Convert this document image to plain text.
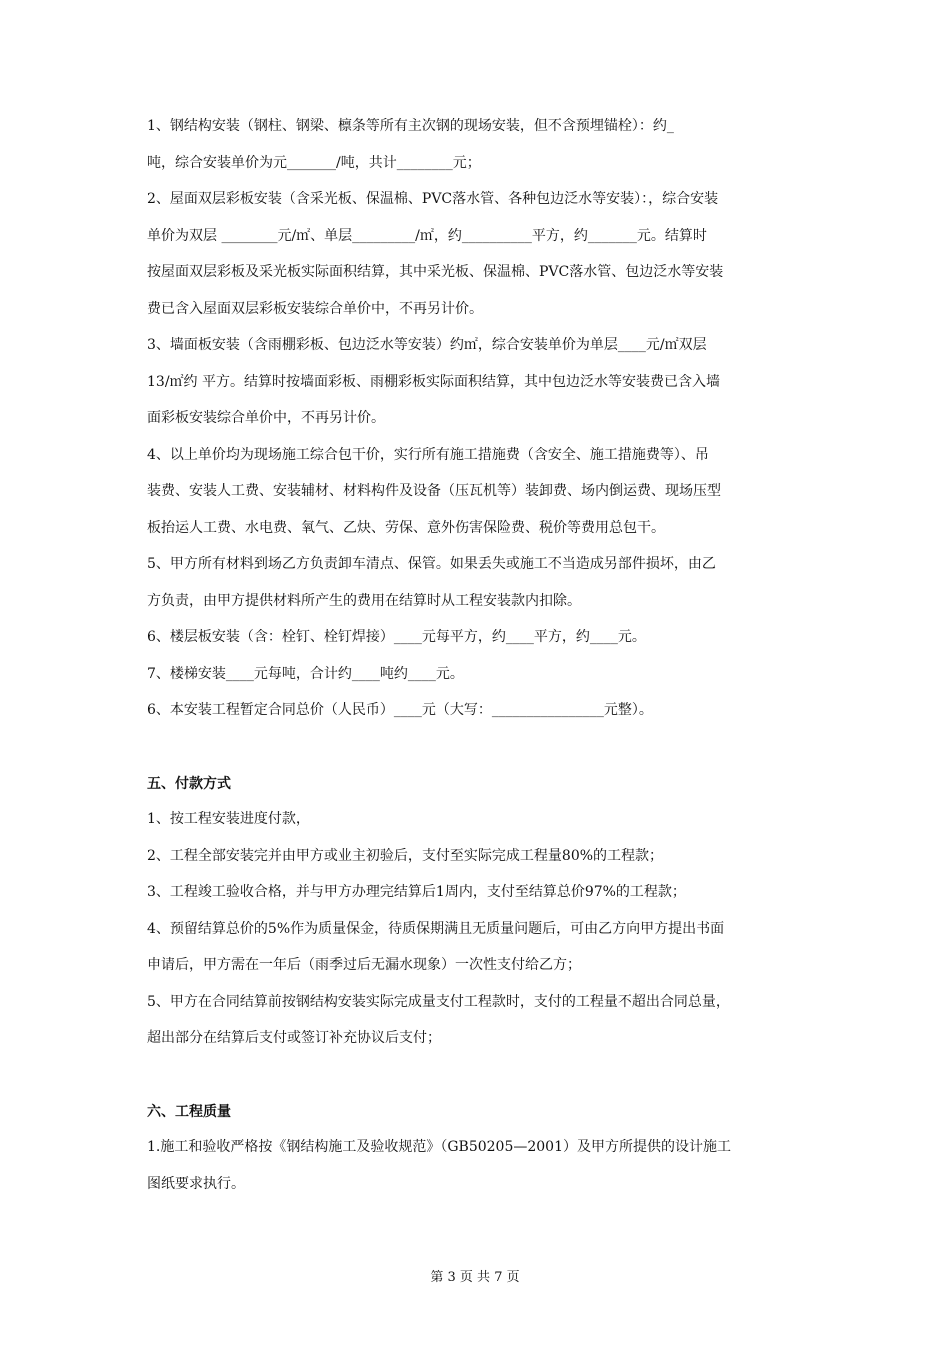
1、钢结构安装（钢柱、钢梁、檩条等所有主次钢的现场安装，但不含预埋锚栓）：约_
吨，综合安装单价为元_______/吨，共计________元；
2、屋面双层彩板安装（含采光板、保温棉、PVC落水管、各种包边泛水等安装）：，综合安装
单价为双层 ________元/㎡、单层_________/㎡，约__________平方，约_______元。结算时
按屋面双层彩板及采光板实际面积结算，其中采光板、保温棉、PVC落水管、包边泛水等安装
费已含入屋面双层彩板安装综合单价中，不再另计价。
3、墙面板安装（含雨棚彩板、包边泛水等安装）约㎡，综合安装单价为单层____元/㎡双层
13/㎡约 平方。结算时按墙面彩板、雨棚彩板实际面积结算，其中包边泛水等安装费已含入墙
面彩板安装综合单价中，不再另计价。
4、以上单价均为现场施工综合包干价，实行所有施工措施费（含安全、施工措施费等）、吊
装费、安装人工费、安装辅材、材料构件及设备（压瓦机等）装卸费、场内倒运费、现场压型
板抬运人工费、水电费、氧气、乙炔、劳保、意外伤害保险费、税价等费用总包干。
5、甲方所有材料到场乙方负责卸车清点、保管。如果丢失或施工不当造成另部件损坏，由乙
方负责，由甲方提供材料所产生的费用在结算时从工程安装款内扣除。
6、楼层板安装（含：栓钉、栓钉焊接）____元每平方，约____平方，约____元。
7、楼梯安装____元每吨，合计约____吨约____元。
6、本安装工程暂定合同总价（人民币）____元（大写：________________元整）。
五、付款方式
1、按工程安装进度付款，
2、工程全部安装完并由甲方或业主初验后，支付至实际完成工程量80%的工程款；
3、工程竣工验收合格，并与甲方办理完结算后1周内，支付至结算总价97%的工程款；
4、预留结算总价的5%作为质量保金，待质保期满且无质量问题后，可由乙方向甲方提出书面
申请后，甲方需在一年后（雨季过后无漏水现象）一次性支付给乙方；
5、甲方在合同结算前按钢结构安装实际完成量支付工程款时，支付的工程量不超出合同总量，
超出部分在结算后支付或签订补充协议后支付；
六、工程质量
1.施工和验收严格按《钢结构施工及验收规范》（GB50205—2001）及甲方所提供的设计施工
图纸要求执行。
第 3 页 共 7 页
